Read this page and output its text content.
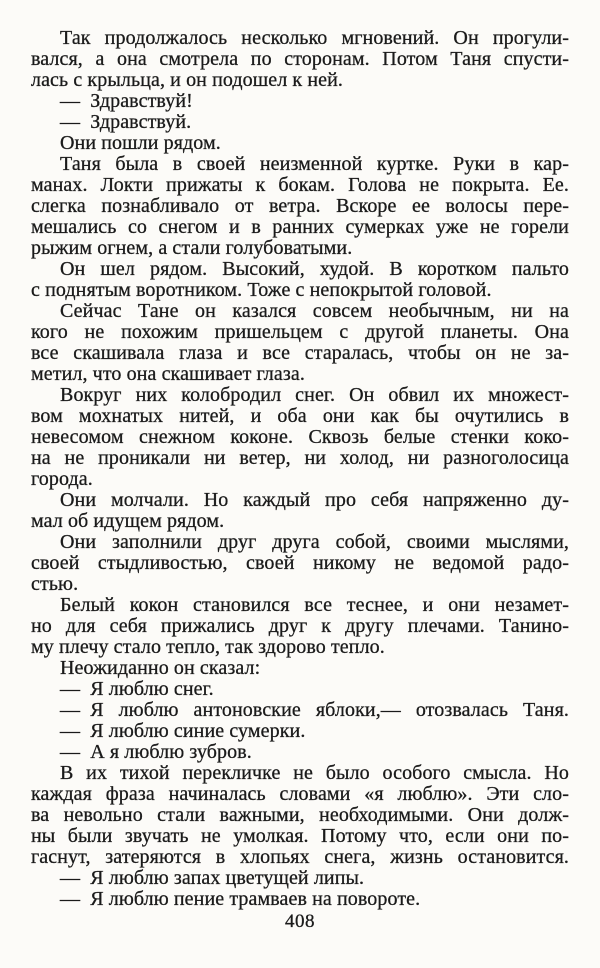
Так продолжалось несколько мгновений. Он прогули-
вался, а она смотрела по сторонам. Потом Таня спусти-
лась с крыльца, и он подошел к ней.
— Здравствуй!
— Здравствуй.
Они пошли рядом.
Таня была в своей неизменной куртке. Руки в кар-
манах. Локти прижаты к бокам. Голова не покрыта. Ее.
слегка познабливало от ветра. Вскоре ее волосы пере-
мешались со снегом и в ранних сумерках уже не горели
рыжим огнем, а стали голубоватыми.
Он шел рядом. Высокий, худой. В коротком пальто
с поднятым воротником. Тоже с непокрытой головой.
Сейчас Тане он казался совсем необычным, ни на
кого не похожим пришельцем с другой планеты. Она
все скашивала глаза и все старалась, чтобы он не за-
метил, что она скашивает глаза.
Вокруг них колобродил снег. Он обвил их множест-
вом мохнатых нитей, и оба они как бы очутились в
невесомом снежном коконе. Сквозь белые стенки коко-
на не проникали ни ветер, ни холод, ни разноголосица
города.
Они молчали. Но каждый про себя напряженно ду-
мал об идущем рядом.
Они заполнили друг друга собой, своими мыслями,
своей стыдливостью, своей никому не ведомой радо-
стью.
Белый кокон становился все теснее, и они незамет-
но для себя прижались друг к другу плечами. Танино-
му плечу стало тепло, так здорово тепло.
Неожиданно он сказал:
— Я люблю снег.
— Я люблю антоновские яблоки,— отозвалась Таня.
— Я люблю синие сумерки.
— А я люблю зубров.
В их тихой перекличке не было особого смысла. Но
каждая фраза начиналась словами «я люблю». Эти сло-
ва невольно стали важными, необходимыми. Они долж-
ны были звучать не умолкая. Потому что, если они по-
гаснут, затеряются в хлопьях снега, жизнь остановится.
— Я люблю запах цветущей липы.
— Я люблю пение трамваев на повороте.
408
